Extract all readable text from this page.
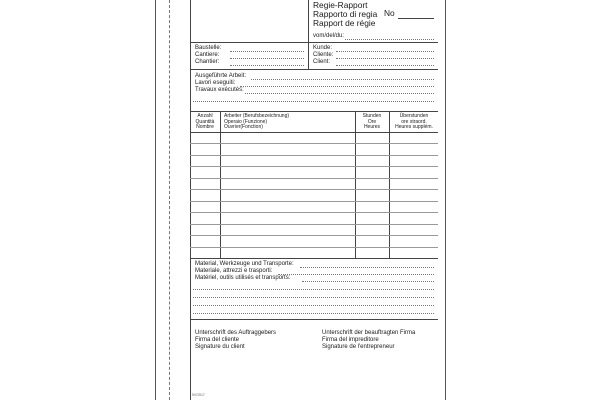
Regie-Rapport
Rapporto di regia
Rapport de régie
No
vom/del/du:
Baustelle:
Cantiere:
Chantier:
Kunde:
Cliente:
Client:
Ausgeführte Arbeit:
Lavori eseguiti:
Travaux exécutés:
Anzahl
Quantità
Nombre
Arbeiter (Berufsbezeichnung)
Operaio (Funzione)
Ouvrier(Fonction)
Stunden
Ore
Heures
Überstunden
ore straord.
Heures supplém.
Material, Werkzeuge und Transporte:
Materiale, attrezzi e trasporti:
Matériel, outils utilisés et transports:
Unterschrift des Auftraggebers
Firma del cliente
Signature du client
Unterschrift der beauftragten Firma
Firma del impreditore
Signature de l'entrepreneur
5VO517
